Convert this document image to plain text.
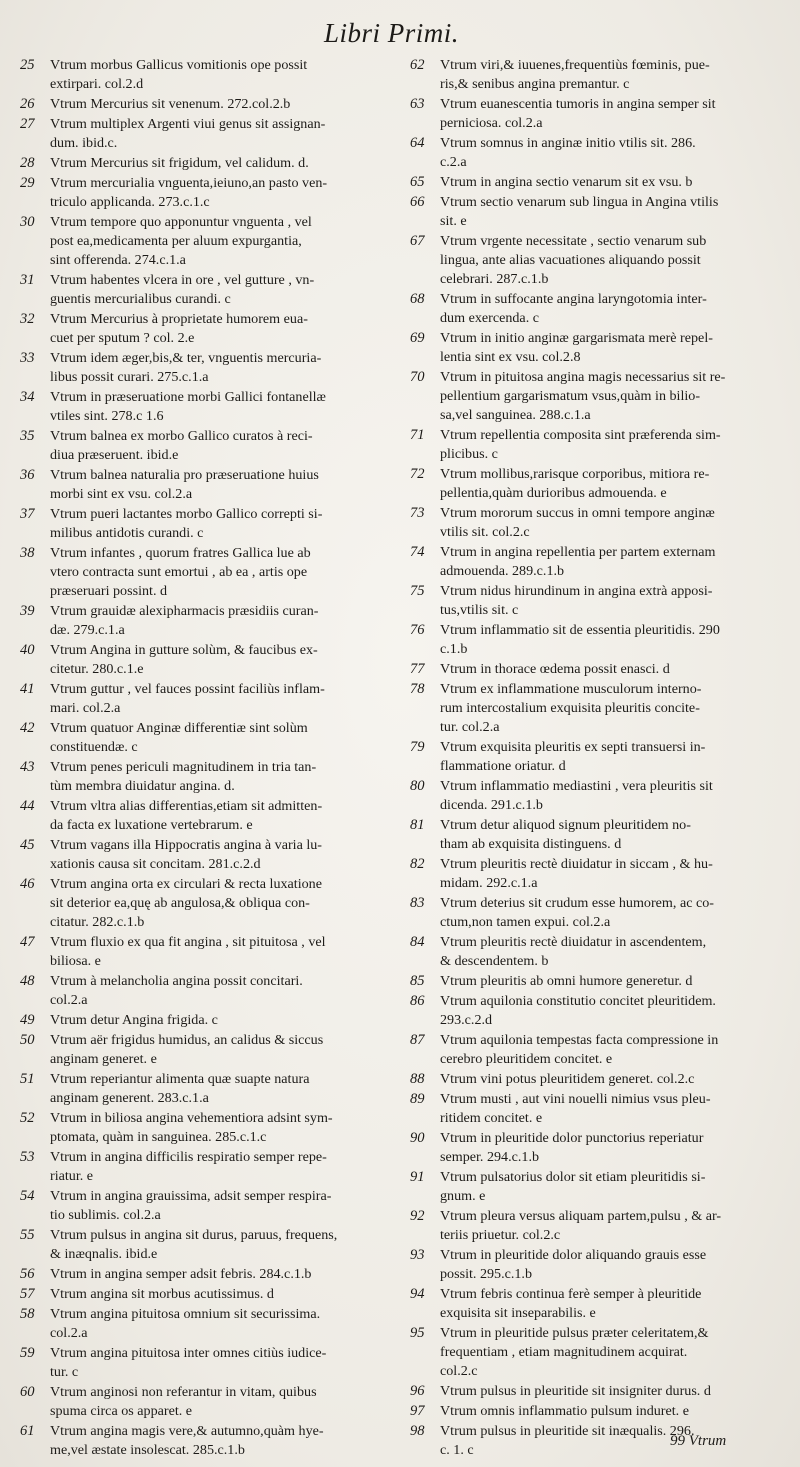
Libri Primi.
25	Vtrum morbus Gallicus vomitionis ope possit
extirpari. col.2.d
26	Vtrum Mercurius sit venenum. 272.col.2.b
27	Vtrum multiplex Argenti viui genus sit assignan-
dum. ibid.c.
28	Vtrum Mercurius sit frigidum, vel calidum. d.
29	Vtrum mercurialia vnguenta,ieiuno,an pasto ven-
triculo applicanda. 273.c.1.c
30	Vtrum tempore quo apponuntur vnguenta , vel
post ea,medicamenta per aluum expurgantia,
sint offerenda. 274.c.1.a
31	Vtrum habentes vlcera in ore , vel gutture , vn-
guentis mercurialibus curandi. c
32	Vtrum Mercurius à proprietate humorem eua-
cuet per sputum ? col. 2.e
33	Vtrum idem æger,bis,& ter, vnguentis mercuria-
libus possit curari. 275.c.1.a
34	Vtrum in præseruatione morbi Gallici fontanellæ
vtiles sint. 278.c 1.6
35	Vtrum balnea ex morbo Gallico curatos à reci-
diua præseruent. ibid.e
36	Vtrum balnea naturalia pro præseruatione huius
morbi sint ex vsu. col.2.a
37	Vtrum pueri lactantes morbo Gallico correpti si-
milibus antidotis curandi. c
38	Vtrum infantes , quorum fratres Gallica lue ab
vtero contracta sunt emortui , ab ea , artis ope
præseruari possint. d
39	Vtrum grauidæ alexipharmacis præsidiis curan-
dæ. 279.c.1.a
40	Vtrum Angina in gutture solùm, & faucibus ex-
citetur. 280.c.1.e
41	Vtrum guttur , vel fauces possint faciliùs inflam-
mari. col.2.a
42	Vtrum quatuor Anginæ differentiæ sint solùm
constituendæ. c
43	Vtrum penes periculi magnitudinem in tria tan-
tùm membra diuidatur angina. d.
44	Vtrum vltra alias differentias,etiam sit admitten-
da facta ex luxatione vertebrarum. e
45	Vtrum vagans illa Hippocratis angina à varia lu-
xationis causa sit concitam. 281.c.2.d
46	Vtrum angina orta ex circulari & recta luxatione
sit deterior ea,quę ab angulosa,& obliqua con-
citatur. 282.c.1.b
47	Vtrum fluxio ex qua fit angina , sit pituitosa , vel
biliosa. e
48	Vtrum à melancholia angina possit concitari.
col.2.a
49	Vtrum detur Angina frigida. c
50	Vtrum aër frigidus humidus, an calidus & siccus
anginam generet. e
51	Vtrum reperiantur alimenta quæ suapte natura
anginam generent. 283.c.1.a
52	Vtrum in biliosa angina vehementiora adsint sym-
ptomata, quàm in sanguinea. 285.c.1.c
53	Vtrum in angina difficilis respiratio semper repe-
riatur. e
54	Vtrum in angina grauissima, adsit semper respira-
tio sublimis. col.2.a
55	Vtrum pulsus in angina sit durus, paruus, frequens,
& inæqnalis. ibid.e
56	Vtrum in angina semper adsit febris. 284.c.1.b
57	Vtrum angina sit morbus acutissimus. d
58	Vtrum angina pituitosa omnium sit securissima.
col.2.a
59	Vtrum angina pituitosa inter omnes citiùs iudice-
tur. c
60	Vtrum anginosi non referantur in vitam, quibus
spuma circa os apparet. e
61	Vtrum angina magis vere,& autumno,quàm hye-
me,vel æstate insolescat. 285.c.1.b
62	Vtrum viri,& iuuenes,frequentiùs fœminis, pue-
ris,& senibus angina premantur. c
63	Vtrum euanescentia tumoris in angina semper sit
perniciosa. col.2.a
64	Vtrum somnus in anginæ initio vtilis sit. 286.
c.2.a
65	Vtrum in angina sectio venarum sit ex vsu. b
66	Vtrum sectio venarum sub lingua in Angina vtilis
sit. e
67	Vtrum vrgente necessitate , sectio venarum sub
lingua, ante alias vacuationes aliquando possit
celebrari. 287.c.1.b
68	Vtrum in suffocante angina laryngotomia inter-
dum exercenda. c
69	Vtrum in initio anginæ gargarismata merè repel-
lentia sint ex vsu. col.2.8
70	Vtrum in pituitosa angina magis necessarius sit re-
pellentium gargarismatum vsus,quàm in bilio-
sa,vel sanguinea. 288.c.1.a
71	Vtrum repellentia composita sint præferenda sim-
plicibus. c
72	Vtrum mollibus,rarisque corporibus, mitiora re-
pellentia,quàm durioribus admouenda. e
73	Vtrum mororum succus in omni tempore anginæ
vtilis sit. col.2.c
74	Vtrum in angina repellentia per partem externam
admouenda. 289.c.1.b
75	Vtrum nidus hirundinum in angina extrà apposi-
tus,vtilis sit. c
76	Vtrum inflammatio sit de essentia pleuritidis. 290
c.1.b
77	Vtrum in thorace œdema possit enasci. d
78	Vtrum ex inflammatione musculorum interno-
rum intercostalium exquisita pleuritis concite-
tur. col.2.a
79	Vtrum exquisita pleuritis ex septi transuersi in-
flammatione oriatur. d
80	Vtrum inflammatio mediastini , vera pleuritis sit
dicenda. 291.c.1.b
81	Vtrum detur aliquod signum pleuritidem no-
tham ab exquisita distinguens. d
82	Vtrum pleuritis rectè diuidatur in siccam , & hu-
midam. 292.c.1.a
83	Vtrum deterius sit crudum esse humorem, ac co-
ctum,non tamen expui. col.2.a
84	Vtrum pleuritis rectè diuidatur in ascendentem,
& descendentem. b
85	Vtrum pleuritis ab omni humore generetur. d
86	Vtrum aquilonia constitutio concitet pleuritidem.
293.c.2.d
87	Vtrum aquilonia tempestas facta compressione in
cerebro pleuritidem concitet. e
88	Vtrum vini potus pleuritidem generet. col.2.c
89	Vtrum musti , aut vini nouelli nimius vsus pleu-
ritidem concitet. e
90	Vtrum in pleuritide dolor punctorius reperiatur
semper. 294.c.1.b
91	Vtrum pulsatorius dolor sit etiam pleuritidis si-
gnum. e
92	Vtrum pleura versus aliquam partem,pulsu , & ar-
teriis priuetur. col.2.c
93	Vtrum in pleuritide dolor aliquando grauis esse
possit. 295.c.1.b
94	Vtrum febris continua ferè semper à pleuritide
exquisita sit inseparabilis. e
95	Vtrum in pleuritide pulsus præter celeritatem,&
frequentiam , etiam magnitudinem acquirat.
col.2.c
96	Vtrum pulsus in pleuritide sit insigniter durus. d
97	Vtrum omnis inflammatio pulsum induret. e
98	Vtrum pulsus in pleuritide sit inæqualis. 296.
c. 1. c
99 Vtrum
